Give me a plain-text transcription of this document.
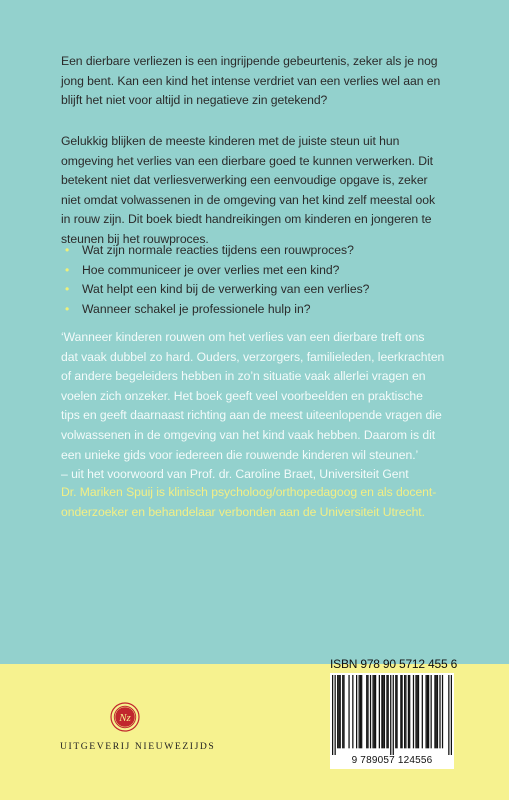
Een dierbare verliezen is een ingrijpende gebeurtenis, zeker als je nog
jong bent. Kan een kind het intense verdriet van een verlies wel aan en
blijft het niet voor altijd in negatieve zin getekend?
Gelukkig blijken de meeste kinderen met de juiste steun uit hun
omgeving het verlies van een dierbare goed te kunnen verwerken. Dit
betekent niet dat verliesverwerking een eenvoudige opgave is, zeker
niet omdat volwassenen in de omgeving van het kind zelf meestal ook
in rouw zijn. Dit boek biedt handreikingen om kinderen en jongeren te
steunen bij het rouwproces.
• Wat zijn normale reacties tijdens een rouwproces?
• Hoe communiceer je over verlies met een kind?
• Wat helpt een kind bij de verwerking van een verlies?
• Wanneer schakel je professionele hulp in?
‘Wanneer kinderen rouwen om het verlies van een dierbare treft ons
dat vaak dubbel zo hard. Ouders, verzorgers, familieleden, leerkrachten
of andere begeleiders hebben in zo’n situatie vaak allerlei vragen en
voelen zich onzeker. Het boek geeft veel voorbeelden en praktische
tips en geeft daarnaast richting aan de meest uiteenlopende vragen die
volwassenen in de omgeving van het kind vaak hebben. Daarom is dit
een unieke gids voor iedereen die rouwende kinderen wil steunen.’
– uit het voorwoord van Prof. dr. Caroline Braet, Universiteit Gent
Dr. Mariken Spuij is klinisch psycholoog/orthopedagoog en als docent-
onderzoeker en behandelaar verbonden aan de Universiteit Utrecht.
Nz
UITGEVERIJ NIEUWEZIJDS
ISBN 978 90 5712 455 6
9 789057 124556
